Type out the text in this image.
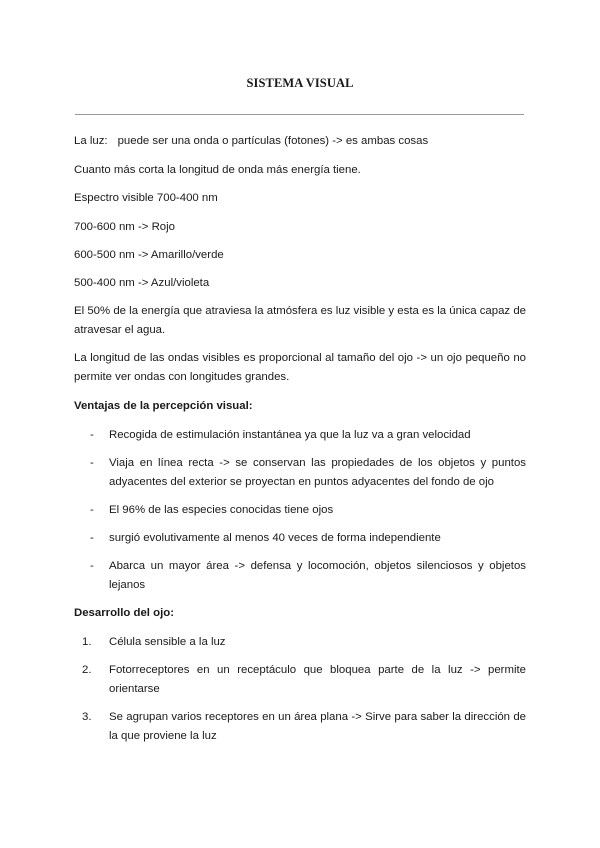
SISTEMA VISUAL

La luz: puede ser una onda o partículas (fotones) -> es ambas cosas

Cuanto más corta la longitud de onda más energía tiene.

Espectro visible 700-400 nm

700-600 nm -> Rojo

600-500 nm -> Amarillo/verde

500-400 nm -> Azul/violeta

El 50% de la energía que atraviesa la atmósfera es luz visible y esta es la única capaz de atravesar el agua.

La longitud de las ondas visibles es proporcional al tamaño del ojo -> un ojo pequeño no permite ver ondas con longitudes grandes.

Ventajas de la percepción visual:

- Recogida de estimulación instantánea ya que la luz va a gran velocidad
- Viaja en línea recta -> se conservan las propiedades de los objetos y puntos adyacentes del exterior se proyectan en puntos adyacentes del fondo de ojo
- El 96% de las especies conocidas tiene ojos
- surgió evolutivamente al menos 40 veces de forma independiente
- Abarca un mayor área -> defensa y locomoción, objetos silenciosos y objetos lejanos

Desarrollo del ojo:

1. Célula sensible a la luz
2. Fotorreceptores en un receptáculo que bloquea parte de la luz -> permite orientarse
3. Se agrupan varios receptores en un área plana -> Sirve para saber la dirección de la que proviene la luz
